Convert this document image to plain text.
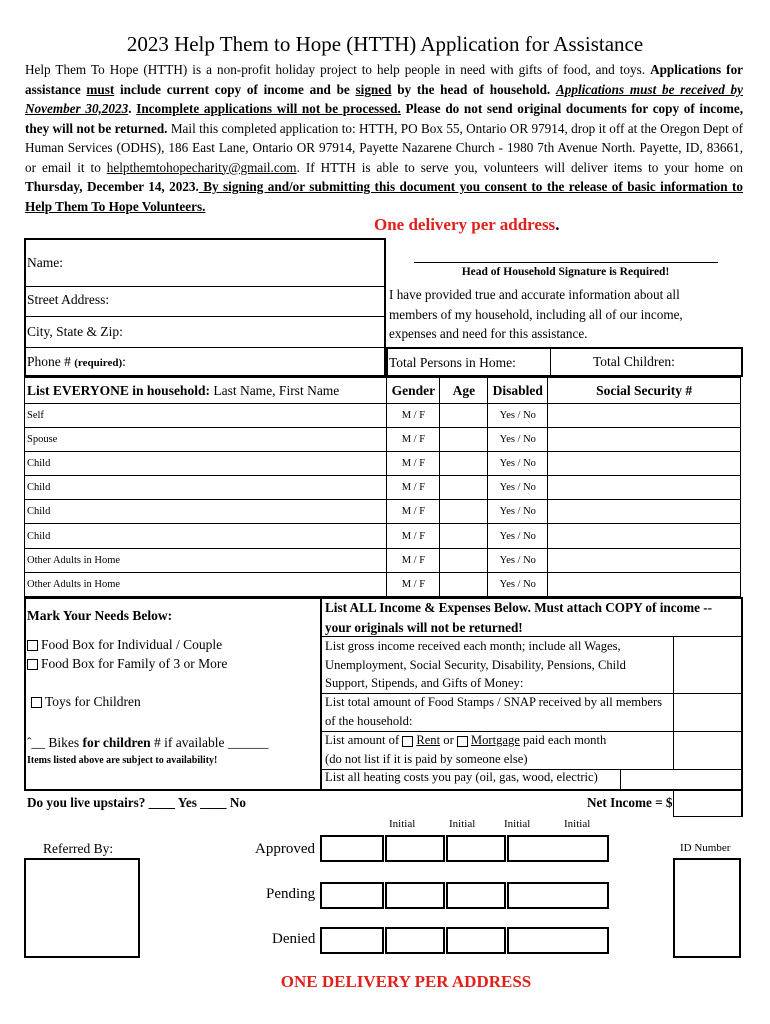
2023 Help Them to Hope (HTTH) Application for Assistance
Help Them To Hope (HTTH) is a non-profit holiday project to help people in need with gifts of food, and toys. Applications for assistance must include current copy of income and be signed by the head of household. Applications must be received by November 30,2023. Incomplete applications will not be processed. Please do not send original documents for copy of income, they will not be returned. Mail this completed application to: HTTH, PO Box 55, Ontario OR 97914, drop it off at the Oregon Dept of Human Services (ODHS), 186 East Lane, Ontario OR 97914, Payette Nazarene Church - 1980 7th Avenue North. Payette, ID, 83661, or email it to helpthemtohopecharity@gmail.com. If HTTH is able to serve you, volunteers will deliver items to your home on Thursday, December 14, 2023. By signing and/or submitting this document you consent to the release of basic information to Help Them To Hope Volunteers.
One delivery per address.
Name:
Street Address:
City, State & Zip:
Phone # (required):
Head of Household Signature is Required!
I have provided true and accurate information about all members of my household, including all of our income, expenses and need for this assistance.
Total Persons in Home:	Total Children:
List EVERYONE in household: Last Name, First Name	Gender	Age	Disabled	Social Security #
Self	M / F		Yes / No	
Spouse	M / F		Yes / No	
Child	M / F		Yes / No	
Child	M / F		Yes / No	
Child	M / F		Yes / No	
Child	M / F		Yes / No	
Other Adults in Home	M / F		Yes / No	
Other Adults in Home	M / F		Yes / No	
Mark Your Needs Below:
Food Box for Individual / Couple
Food Box for Family of 3 or More
Toys for Children
ˆ__ Bikes for children # if available ______
Items listed above are subject to availability!
List ALL Income & Expenses Below. Must attach COPY of income -- your originals will not be returned!
List gross income received each month; include all Wages, Unemployment, Social Security, Disability, Pensions, Child Support, Stipends, and Gifts of Money:
List total amount of Food Stamps / SNAP received by all members of the household:
List amount of Rent or Mortgage paid each month
(do not list if it is paid by someone else)
List all heating costs you pay (oil, gas, wood, electric)
Do you live upstairs? ____ Yes ____ No	Net Income = $
Initial	Initial	Initial	Initial
Referred By:	Approved
Pending
Denied
ID Number
ONE DELIVERY PER ADDRESS
